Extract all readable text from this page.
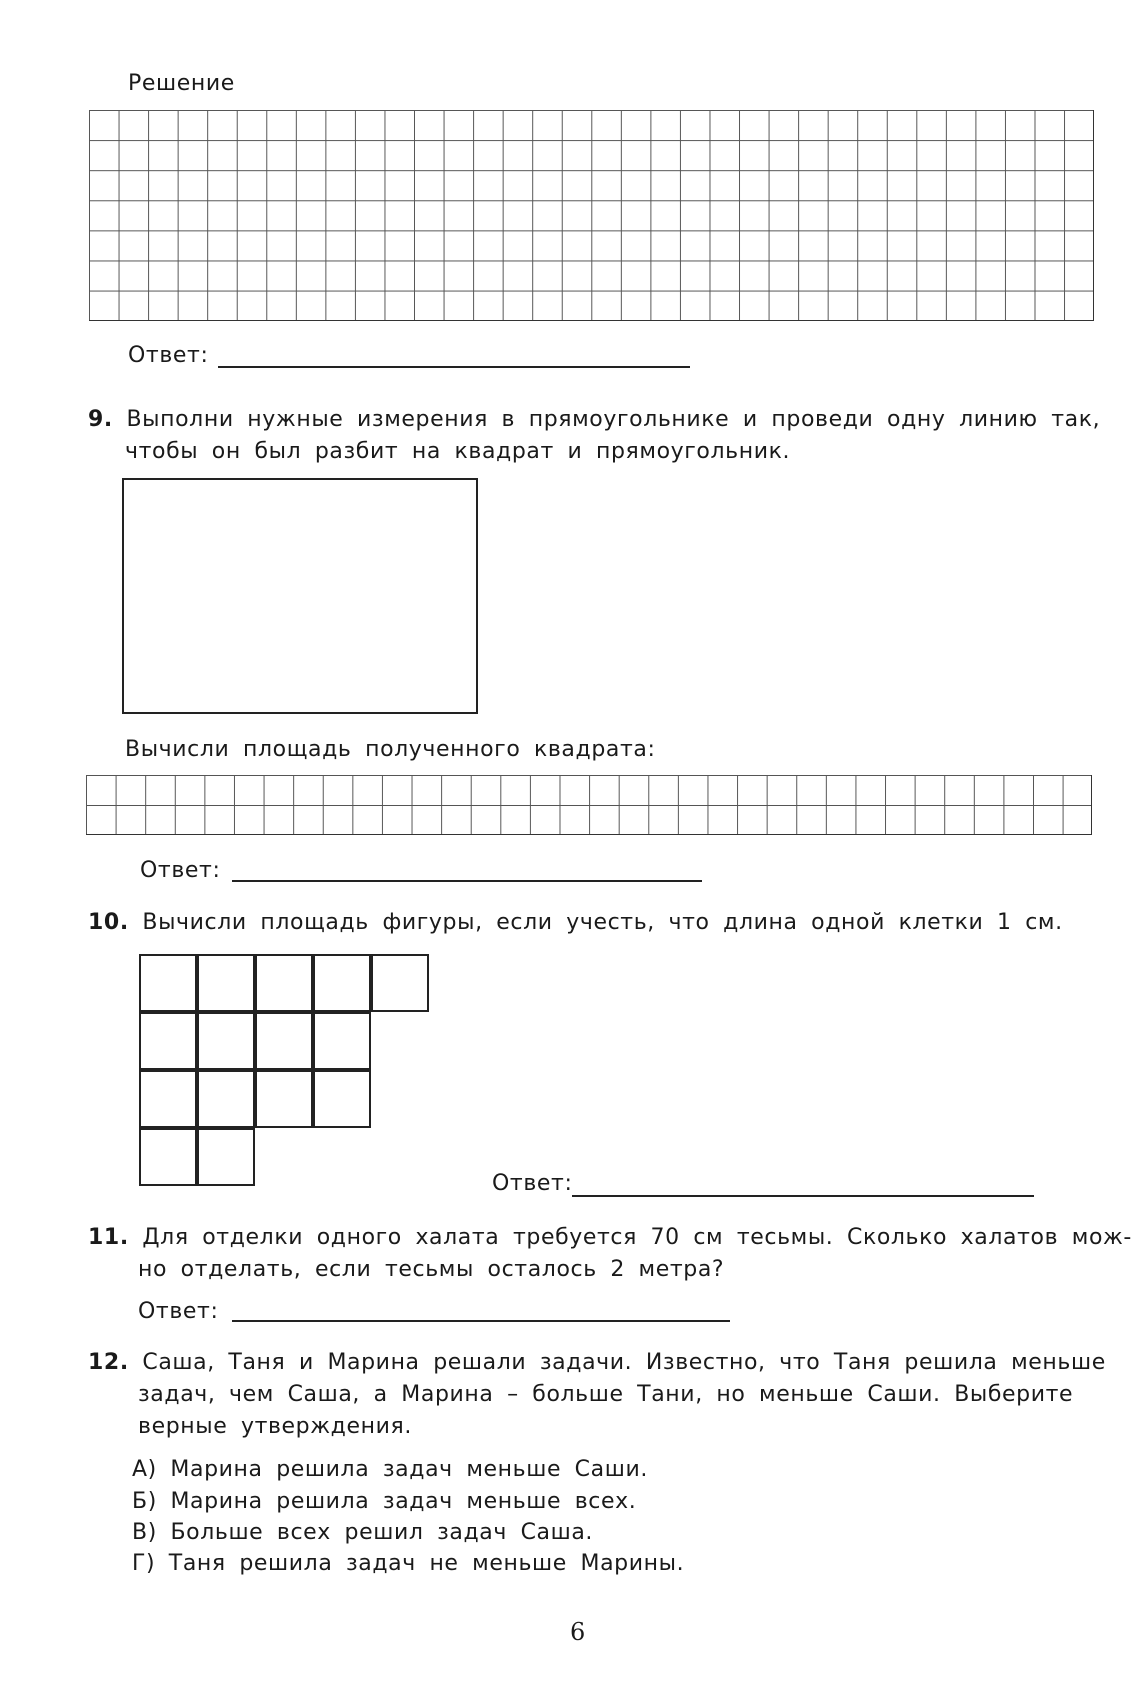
Решение
Ответ:
9. Выполни нужные измерения в прямоугольнике и проведи одну линию так,
чтобы он был разбит на квадрат и прямоугольник.
Вычисли площадь полученного квадрата:
Ответ:
10. Вычисли площадь фигуры, если учесть, что длина одной клетки 1 см.
Ответ:
11. Для отделки одного халата требуется 70 см тесьмы. Сколько халатов мож-
но отделать, если тесьмы осталось 2 метра?
Ответ:
12. Саша, Таня и Марина решали задачи. Известно, что Таня решила меньше
задач, чем Саша, а Марина – больше Тани, но меньше Саши. Выберите
верные утверждения.
А) Марина решила задач меньше Саши.
Б) Марина решила задач меньше всех.
В) Больше всех решил задач Саша.
Г) Таня решила задач не меньше Марины.
6
